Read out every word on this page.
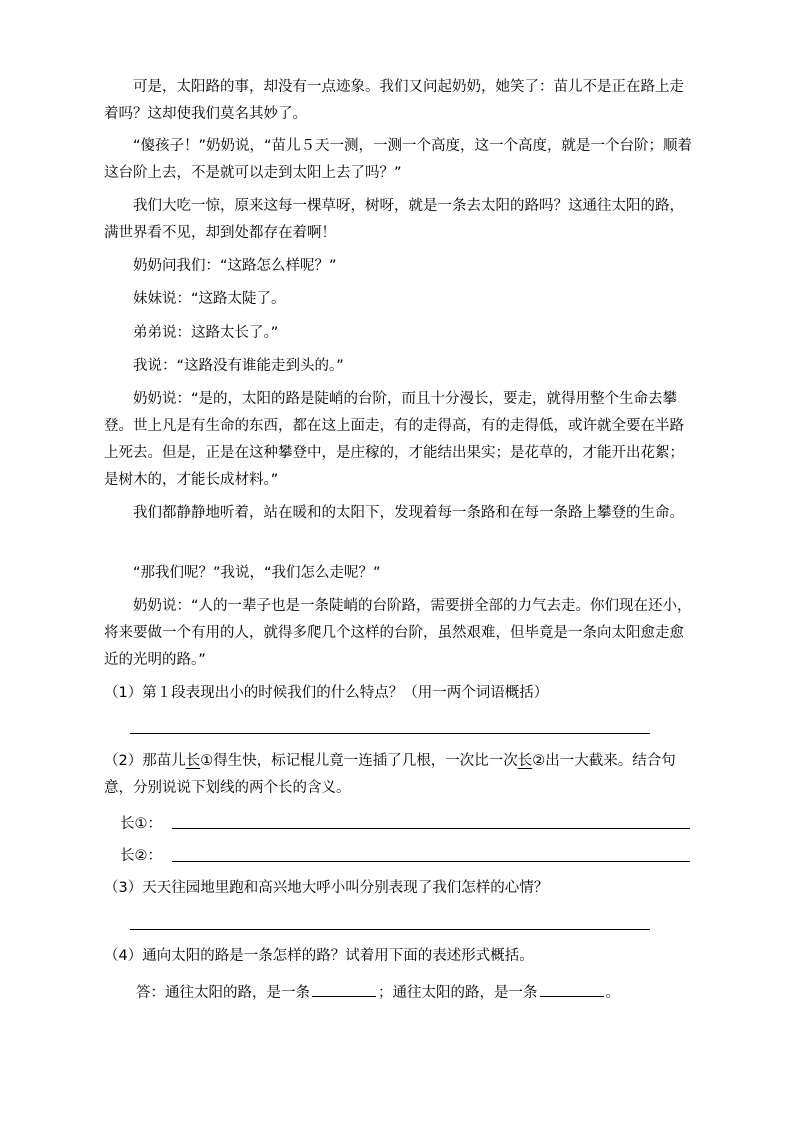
可是，太阳路的事，却没有一点迹象。我们又问起奶奶，她笑了：苗儿不是正在路上走着吗？这却使我们莫名其妙了。

“傻孩子！”奶奶说，“苗儿５天一测，一测一个高度，这一个高度，就是一个台阶；顺着这台阶上去，不是就可以走到太阳上去了吗？”

我们大吃一惊，原来这每一棵草呀，树呀，就是一条去太阳的路吗？这通往太阳的路，满世界看不见，却到处都存在着啊！

奶奶问我们：“这路怎么样呢？”

妹妹说：“这路太陡了。

弟弟说：这路太长了。”

我说：“这路没有谁能走到头的。”

奶奶说：“是的，太阳的路是陡峭的台阶，而且十分漫长，要走，就得用整个生命去攀登。世上凡是有生命的东西，都在这上面走，有的走得高，有的走得低，或许就全要在半路上死去。但是，正是在这种攀登中，是庄稼的，才能结出果实；是花草的，才能开出花絮；是树木的，才能长成材料。”

我们都静静地听着，站在暖和的太阳下，发现着每一条路和在每一条路上攀登的生命。

“那我们呢？”我说，“我们怎么走呢？”

奶奶说：“人的一辈子也是一条陡峭的台阶路，需要拼全部的力气去走。你们现在还小，将来要做一个有用的人，就得多爬几个这样的台阶，虽然艰难，但毕竟是一条向太阳愈走愈近的光明的路。”

（1）第１段表现出小的时候我们的什么特点？（用一两个词语概括）

（2）那苗儿长①得生快，标记棍儿竟一连插了几根，一次比一次长②出一大截来。结合句意，分别说说下划线的两个长的含义。

长①：
长②：

（3）天天往园地里跑和高兴地大呼小叫分别表现了我们怎样的心情？

（4）通向太阳的路是一条怎样的路？试着用下面的表述形式概括。

答：通往太阳的路，是一条	；通往太阳的路，是一条	。
